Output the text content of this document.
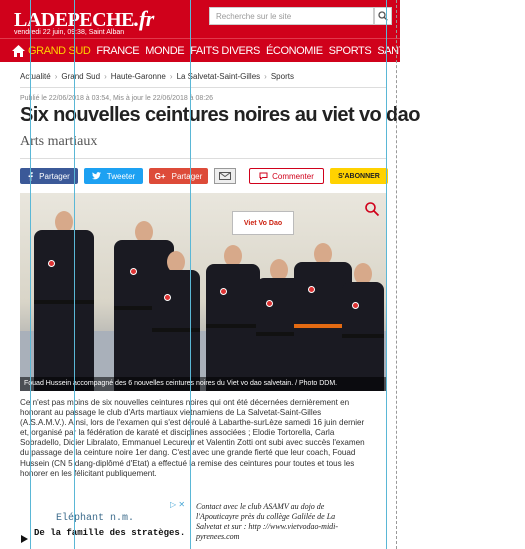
LADEPECHE.fr
vendredi 22 juin, 09:38, Saint Alban
Recherche sur le site
GRAND SUD FRANCE MONDE FAITS DIVERS ÉCONOMIE SPORTS SANTÉ TV-PEOPLE LOISIRS
Actualité › Grand Sud › Haute-Garonne › La Salvetat-Saint-Gilles › Sports
Publié le 22/06/2018 à 03:54, Mis à jour le 22/06/2018 à 08:26
Six nouvelles ceintures noires au viet vo dao
Arts martiaux
Partager	Tweeter G+ Partager	Commenter	S'ABONNER
Viet Vo Dao
Fouad Hussein accompagné des 6 nouvelles ceintures noires du Viet vo dao salvetain. / Photo DDM.
Ce n'est pas moins de six nouvelles ceintures noires qui ont été décernées dernièrement en
honorant au passage le club d'Arts martiaux vietnamiens de La Salvetat-Saint-Gilles
(A.S.A.M.V.). Ainsi, lors de l'examen qui s'est déroulé à Labarthe-surLèze samedi 16 juin dernier
et, organisé par la fédération de karaté et disciplines associées ; Elodie Tortorella, Carla
Sobradello, Didier Libralato, Emmanuel Lecureur et Valentin Zotti ont subi avec succès l'examen
du passage de la ceinture noire 1er dang. C'est avec une grande fierté que leur coach, Fouad
Hussein (CN 5 dang-diplômé d'Etat) a effectué la remise des ceintures pour toutes et tous les
honorer en les félicitant publiquement.
Eléphant n.m.
De la famille des stratèges.
▷ ✕ Contact avec le club ASAMV au dojo de
l'Apouticayre près du collège Galilée de La
Salvetat et sur : http ://www.vietvodao-midi-
pyrenees.com
